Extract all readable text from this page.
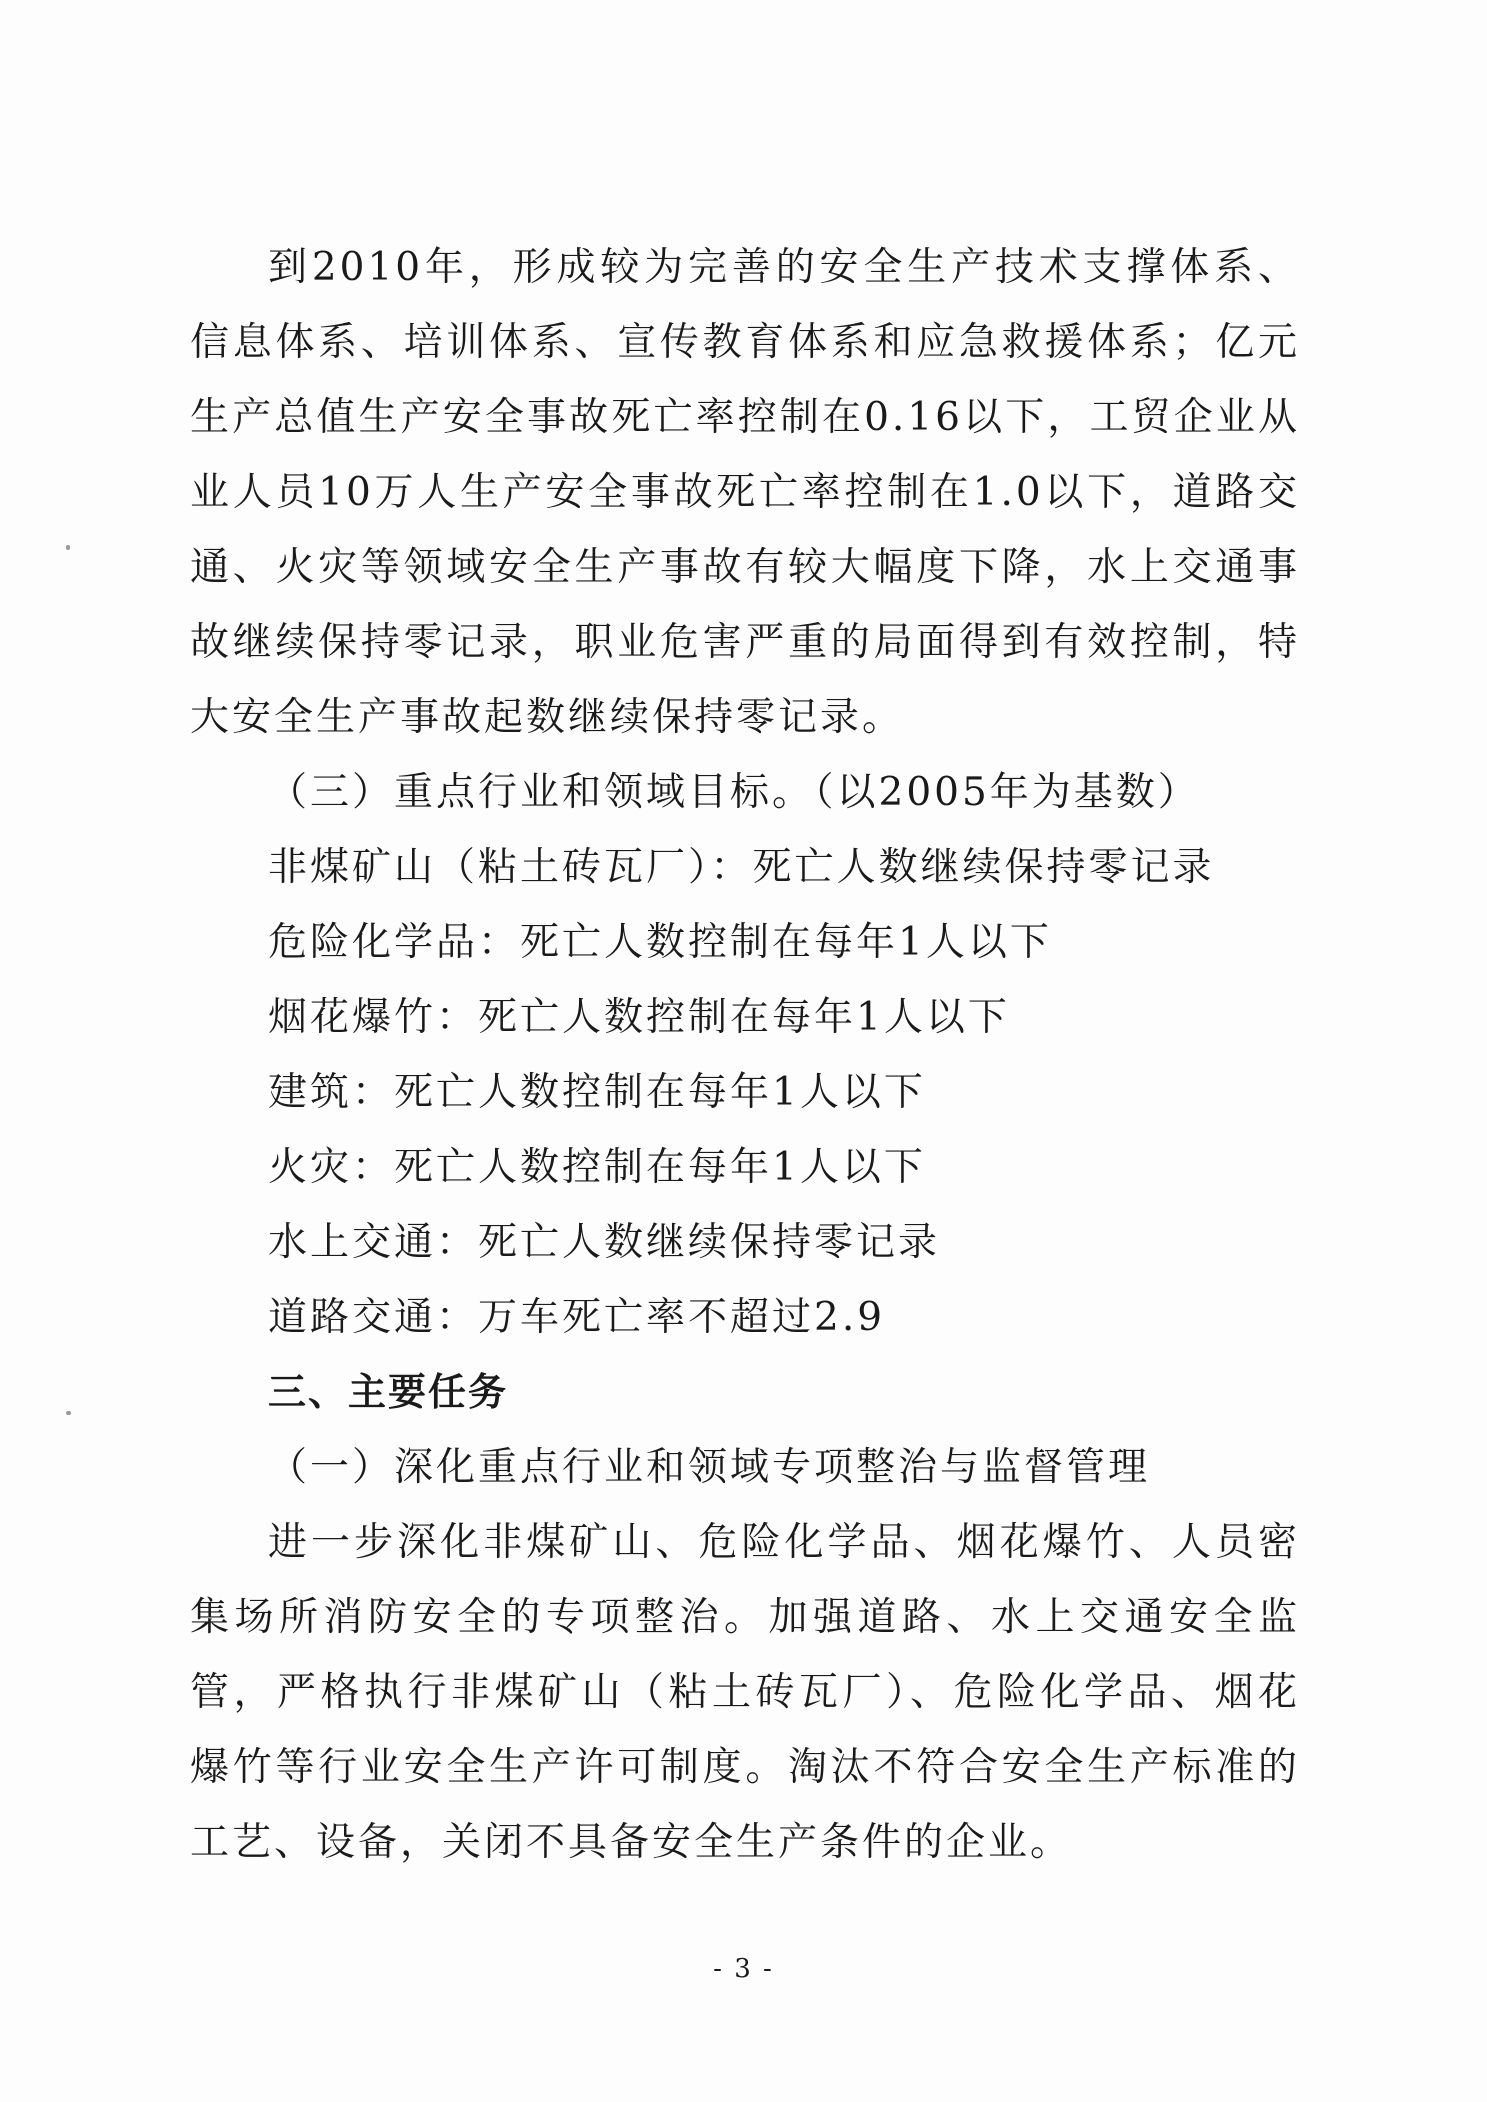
到2010年，形成较为完善的安全生产技术支撑体系、信息体系、培训体系、宣传教育体系和应急救援体系；亿元生产总值生产安全事故死亡率控制在0.16以下，工贸企业从业人员10万人生产安全事故死亡率控制在1.0以下，道路交通、火灾等领域安全生产事故有较大幅度下降，水上交通事故继续保持零记录，职业危害严重的局面得到有效控制，特大安全生产事故起数继续保持零记录。

（三）重点行业和领域目标。（以2005年为基数）

非煤矿山（粘土砖瓦厂）：死亡人数继续保持零记录

危险化学品：死亡人数控制在每年1人以下

烟花爆竹：死亡人数控制在每年1人以下

建筑：死亡人数控制在每年1人以下

火灾：死亡人数控制在每年1人以下

水上交通：死亡人数继续保持零记录

道路交通：万车死亡率不超过2.9

三、主要任务

（一）深化重点行业和领域专项整治与监督管理

进一步深化非煤矿山、危险化学品、烟花爆竹、人员密集场所消防安全的专项整治。加强道路、水上交通安全监管，严格执行非煤矿山（粘土砖瓦厂）、危险化学品、烟花爆竹等行业安全生产许可制度。淘汰不符合安全生产标准的工艺、设备，关闭不具备安全生产条件的企业。

- 3 -
